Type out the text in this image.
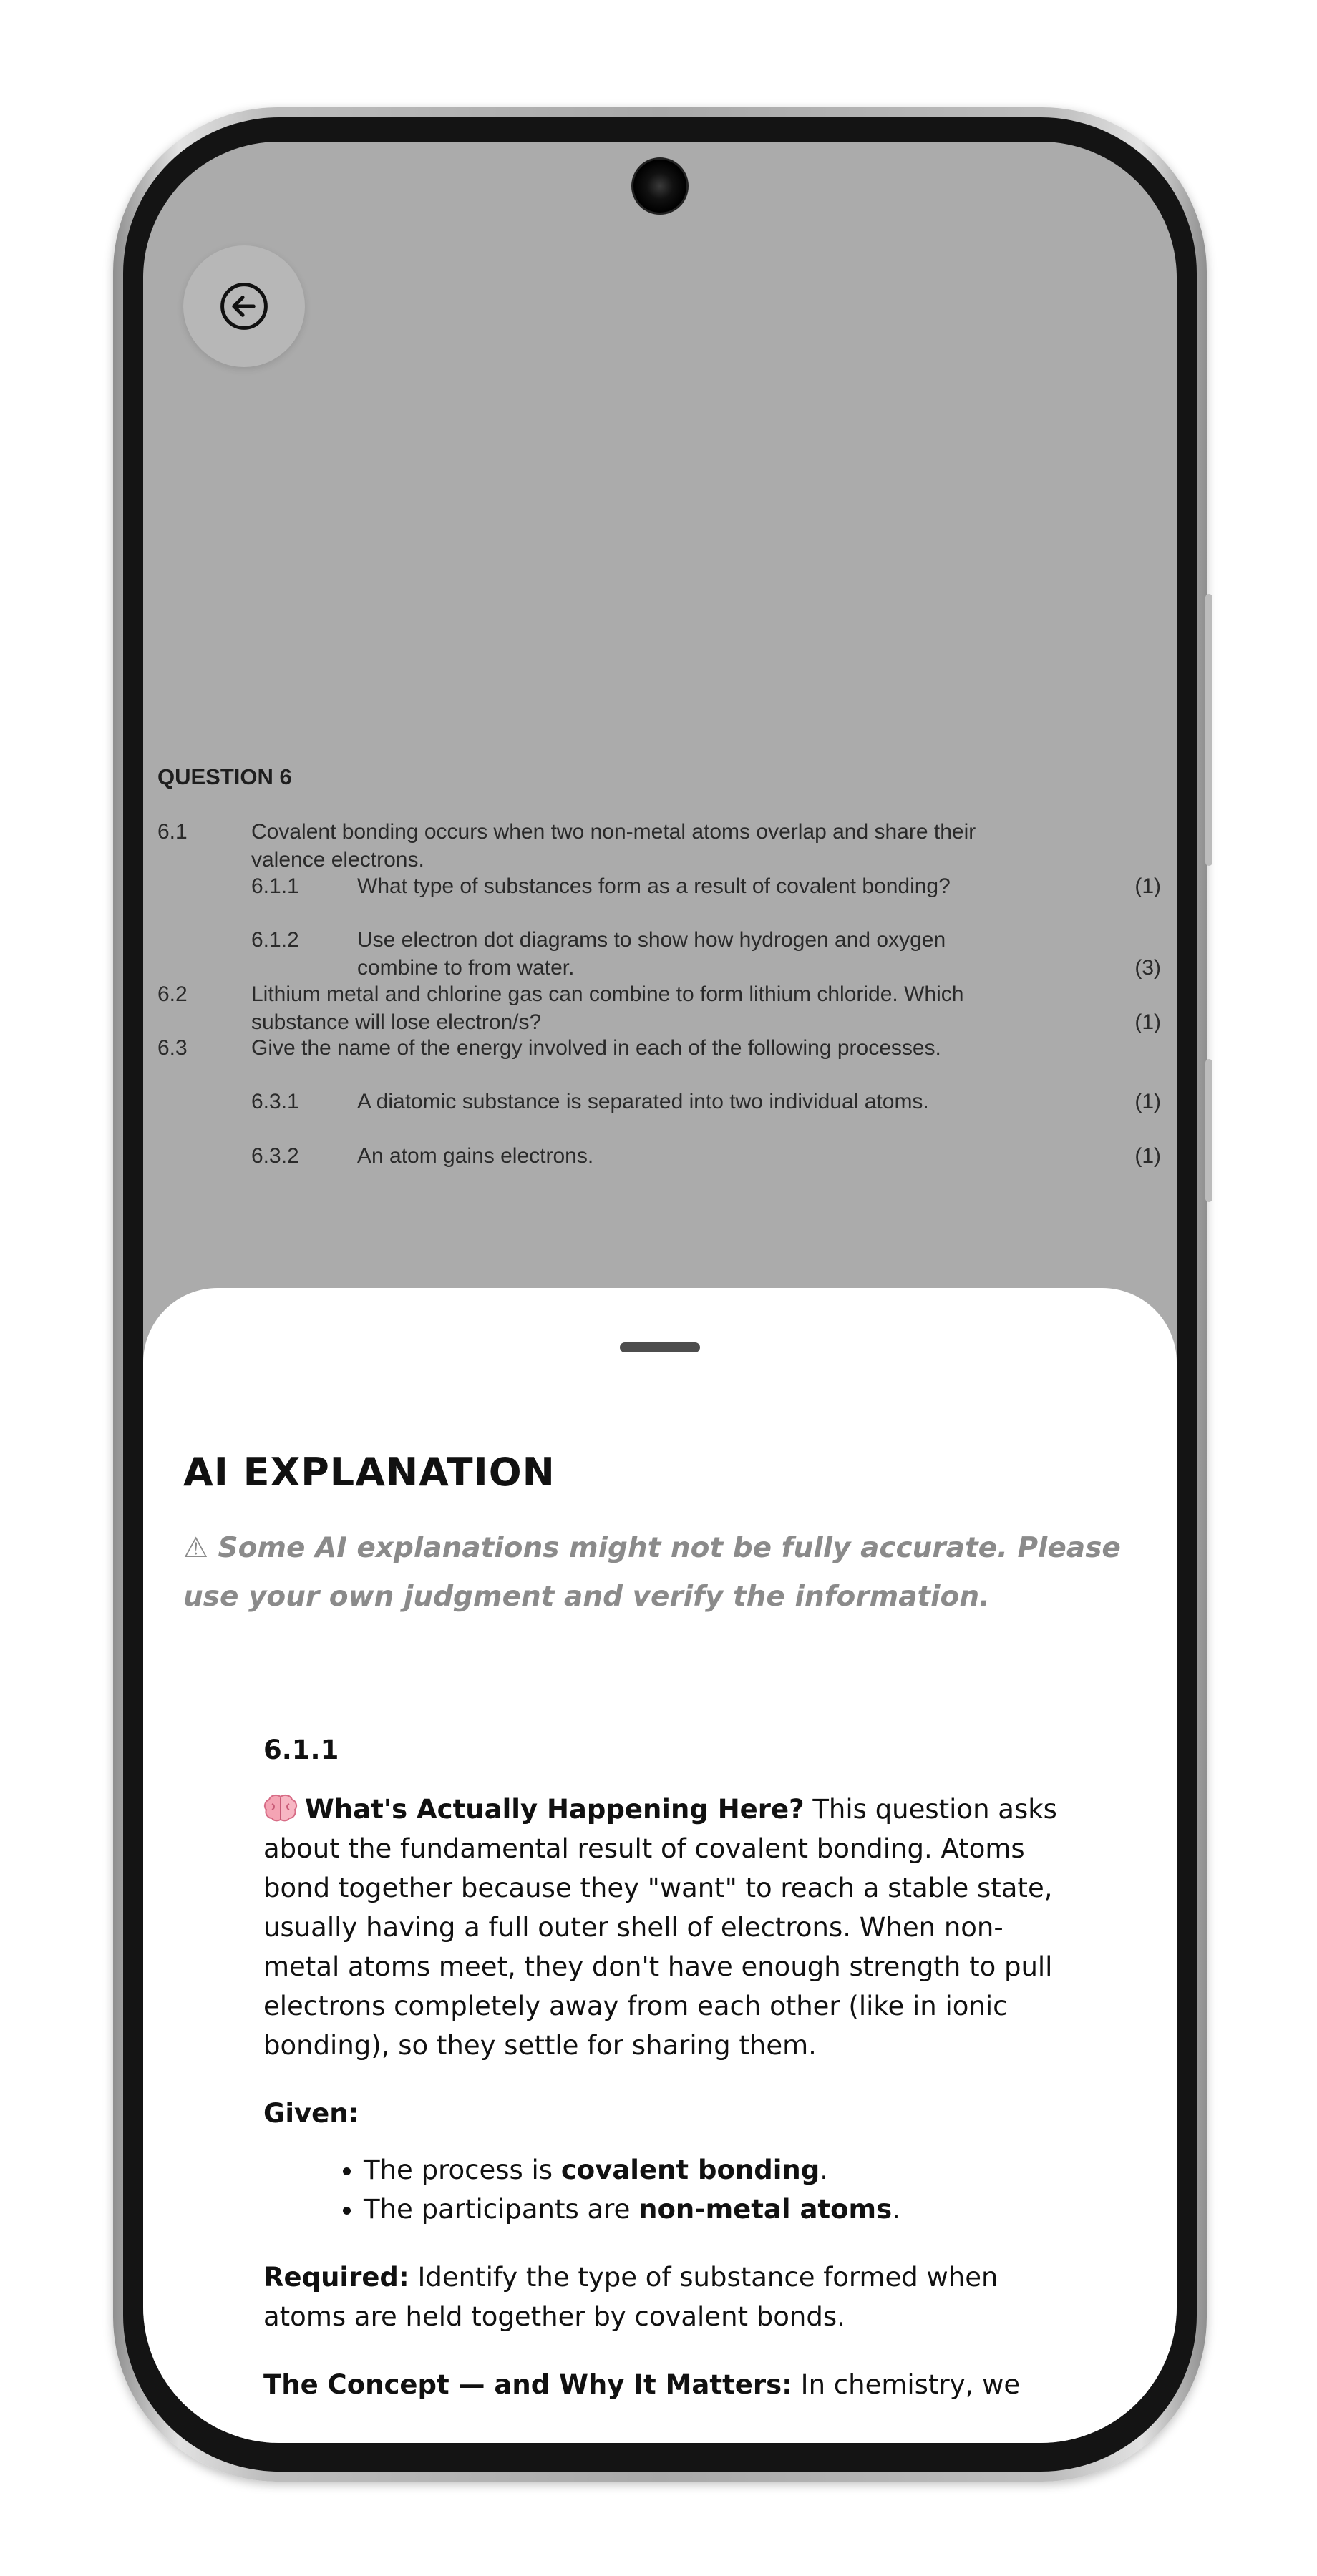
QUESTION 6
6.1	Covalent bonding occurs when two non-metal atoms overlap and share their
valence electrons.
6.1.1	What type of substances form as a result of covalent bonding?	(1)
6.1.2	Use electron dot diagrams to show how hydrogen and oxygen
combine to from water.	(3)
6.2	Lithium metal and chlorine gas can combine to form lithium chloride. Which
substance will lose electron/s?	(1)
6.3	Give the name of the energy involved in each of the following processes.
6.3.1	A diatomic substance is separated into two individual atoms.	(1)
6.3.2	An atom gains electrons.	(1)
AI EXPLANATION
⚠ Some AI explanations might not be fully accurate. Please use your own judgment and verify the information.

6.1.1

What's Actually Happening Here? This question asks about the fundamental result of covalent bonding. Atoms bond together because they "want" to reach a stable state, usually having a full outer shell of electrons. When non-metal atoms meet, they don't have enough strength to pull electrons completely away from each other (like in ionic bonding), so they settle for sharing them.

Given:

• The process is covalent bonding.
• The participants are non-metal atoms.

Required: Identify the type of substance formed when atoms are held together by covalent bonds.

The Concept — and Why It Matters: In chemistry, we
